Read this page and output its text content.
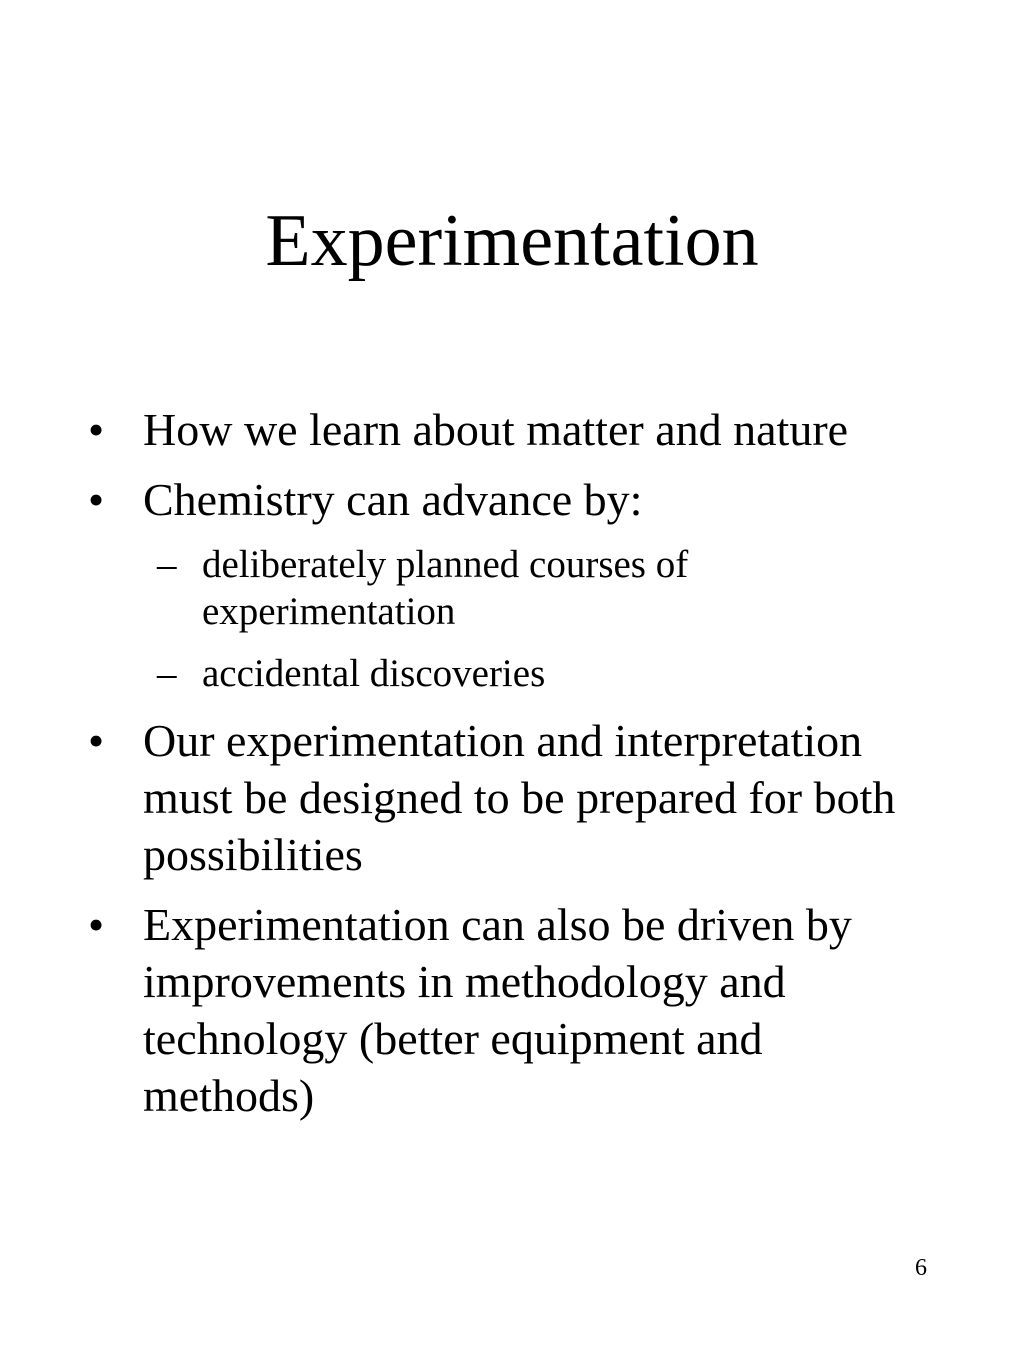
Experimentation
• How we learn about matter and nature
• Chemistry can advance by:
– deliberately planned courses of experimentation
– accidental discoveries
• Our experimentation and interpretation must be designed to be prepared for both possibilities
• Experimentation can also be driven by improvements in methodology and technology (better equipment and methods)
6
